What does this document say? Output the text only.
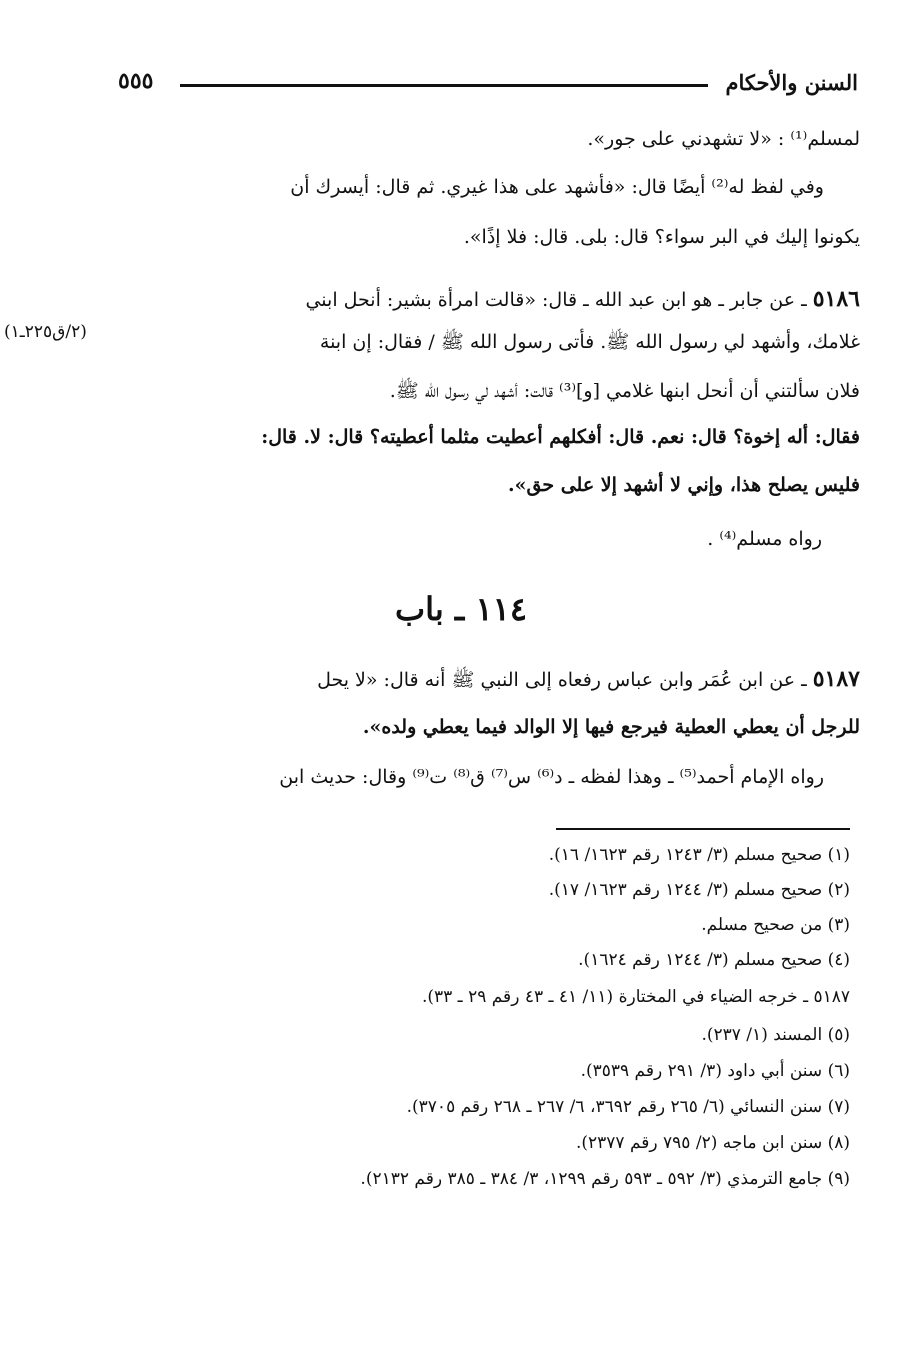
السنن والأحكام
٥٥٥
لمسلم⁽¹⁾ : «لا تشهدني على جور».
وفي لفظ له⁽²⁾ أيضًا قال: «فأشهد على هذا غيري. ثم قال: أيسرك أن
يكونوا إليك في البر سواء؟ قال: بلى. قال: فلا إذًا».
٥١٨٦ ـ عن جابر ـ هو ابن عبد الله ـ قال: «قالت امرأة بشير: أنحل ابني
غلامك، وأشهد لي رسول الله ﷺ. فأتى رسول الله ﷺ / فقال: إن ابنة
(٢/ق٢٢٥ـ١)
فلان سألتني أن أنحل ابنها غلامي [و]⁽³⁾ قالت: أشهد لي رسول الله ﷺ.
فقال: أله إخوة؟ قال: نعم. قال: أفكلهم أعطيت مثلما أعطيته؟ قال: لا. قال:
فليس يصلح هذا، وإني لا أشهد إلا على حق».
رواه مسلم⁽⁴⁾ .
١١٤ ـ باب
٥١٨٧ ـ عن ابن عُمَر وابن عباس رفعاه إلى النبي ﷺ أنه قال: «لا يحل
للرجل أن يعطي العطية فيرجع فيها إلا الوالد فيما يعطي ولده».
رواه الإمام أحمد⁽⁵⁾ ـ وهذا لفظه ـ د⁽⁶⁾ س⁽⁷⁾ ق⁽⁸⁾ ت⁽⁹⁾ وقال: حديث ابن
(١) صحيح مسلم (٣/ ١٢٤٣ رقم ١٦٢٣/ ١٦).
(٢) صحيح مسلم (٣/ ١٢٤٤ رقم ١٦٢٣/ ١٧).
(٣) من صحيح مسلم.
(٤) صحيح مسلم (٣/ ١٢٤٤ رقم ١٦٢٤).
٥١٨٧ ـ خرجه الضياء في المختارة (١١/ ٤١ ـ ٤٣ رقم ٢٩ ـ ٣٣).
(٥) المسند (١/ ٢٣٧).
(٦) سنن أبي داود (٣/ ٢٩١ رقم ٣٥٣٩).
(٧) سنن النسائي (٦/ ٢٦٥ رقم ٣٦٩٢، ٦/ ٢٦٧ ـ ٢٦٨ رقم ٣٧٠٥).
(٨) سنن ابن ماجه (٢/ ٧٩٥ رقم ٢٣٧٧).
(٩) جامع الترمذي (٣/ ٥٩٢ ـ ٥٩٣ رقم ١٢٩٩، ٣/ ٣٨٤ ـ ٣٨٥ رقم ٢١٣٢).
